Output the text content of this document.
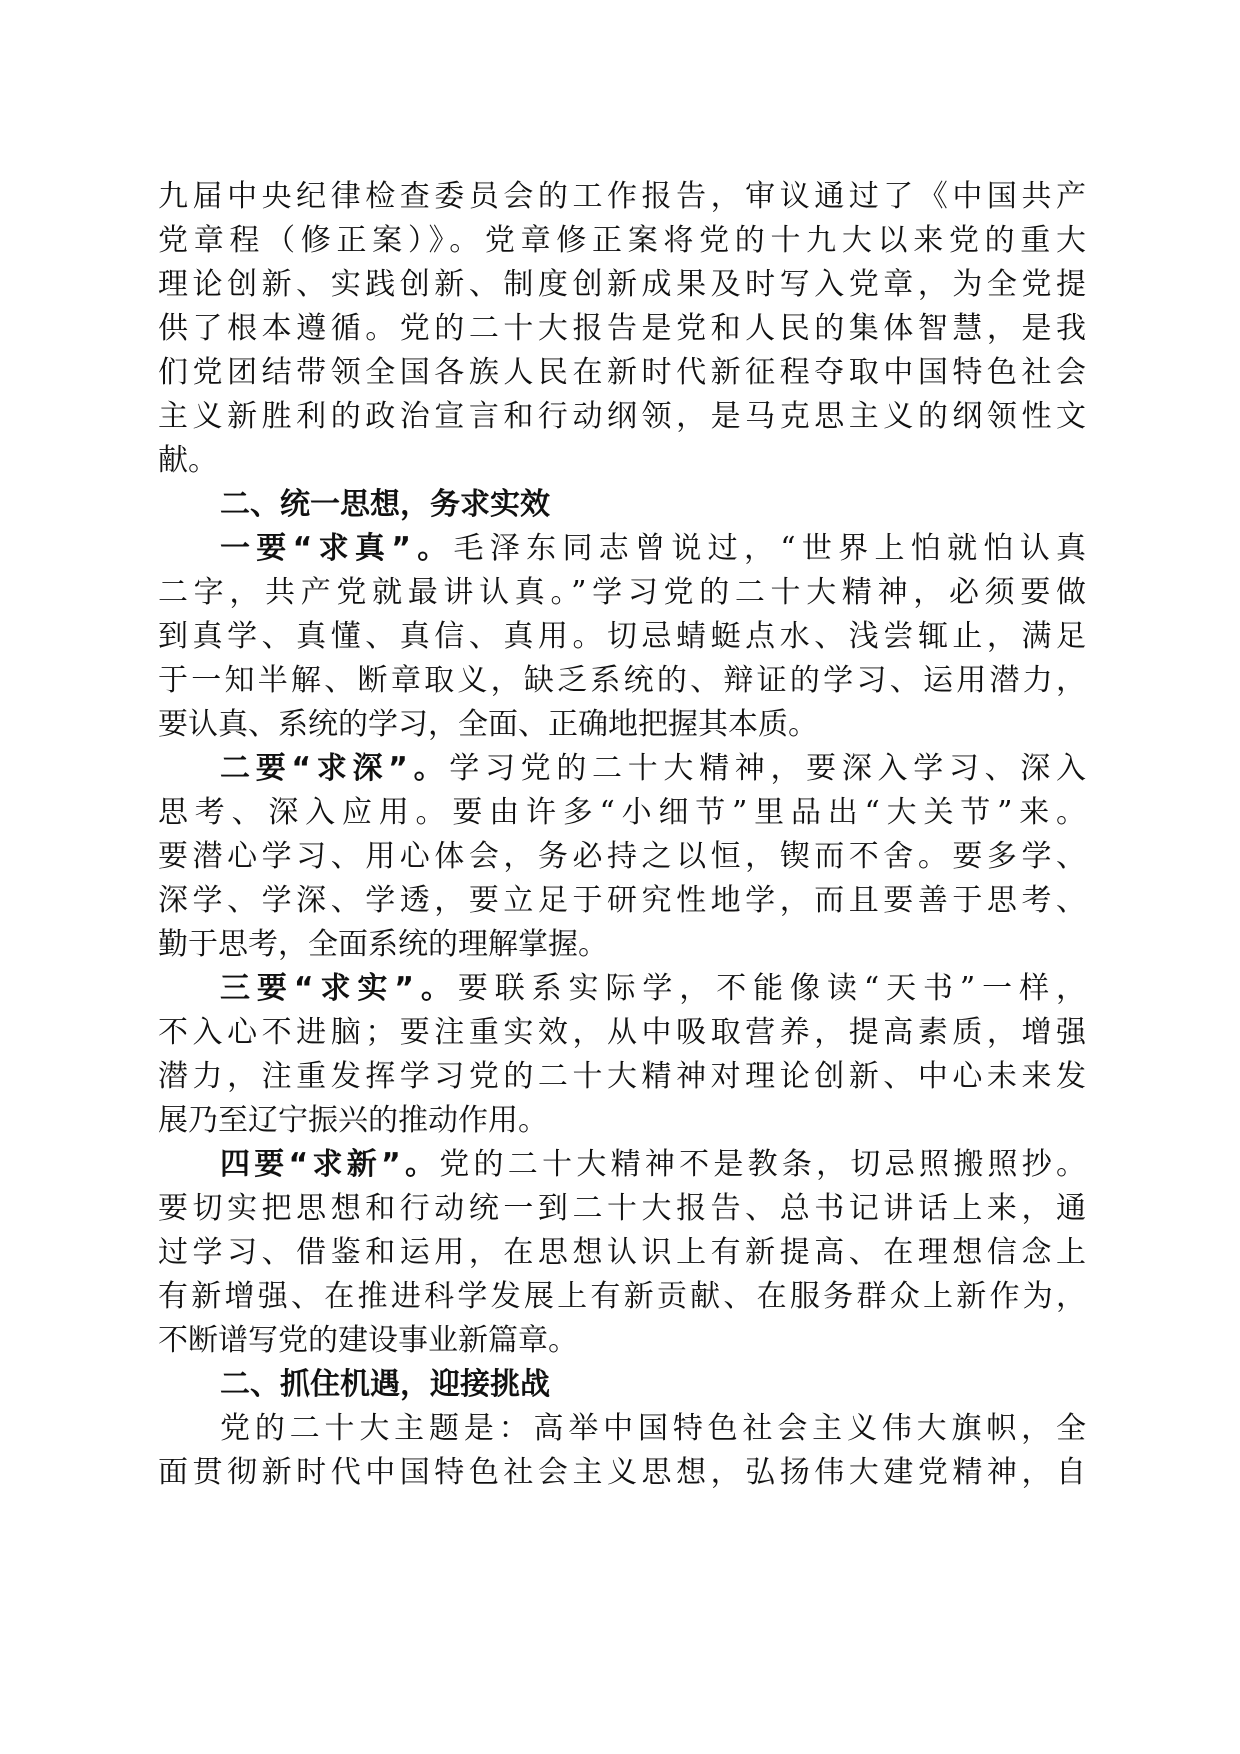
九届中央纪律检查委员会的工作报告，审议通过了《中国共产
党章程（修正案）》。党章修正案将党的十九大以来党的重大
理论创新、实践创新、制度创新成果及时写入党章，为全党提
供了根本遵循。党的二十大报告是党和人民的集体智慧，是我
们党团结带领全国各族人民在新时代新征程夺取中国特色社会
主义新胜利的政治宣言和行动纲领，是马克思主义的纲领性文
献。
二、统一思想，务求实效
一要“求真”。毛泽东同志曾说过，“世界上怕就怕认真
二字，共产党就最讲认真。”学习党的二十大精神，必须要做
到真学、真懂、真信、真用。切忌蜻蜓点水、浅尝辄止，满足
于一知半解、断章取义，缺乏系统的、辩证的学习、运用潜力，
要认真、系统的学习，全面、正确地把握其本质。
二要“求深”。学习党的二十大精神，要深入学习、深入
思考、深入应用。要由许多“小细节”里品出“大关节”来。
要潜心学习、用心体会，务必持之以恒，锲而不舍。要多学、
深学、学深、学透，要立足于研究性地学，而且要善于思考、
勤于思考，全面系统的理解掌握。
三要“求实”。要联系实际学，不能像读“天书”一样，
不入心不进脑；要注重实效，从中吸取营养，提高素质，增强
潜力，注重发挥学习党的二十大精神对理论创新、中心未来发
展乃至辽宁振兴的推动作用。
四要“求新”。党的二十大精神不是教条，切忌照搬照抄。
要切实把思想和行动统一到二十大报告、总书记讲话上来，通
过学习、借鉴和运用，在思想认识上有新提高、在理想信念上
有新增强、在推进科学发展上有新贡献、在服务群众上新作为，
不断谱写党的建设事业新篇章。
二、抓住机遇，迎接挑战
党的二十大主题是：高举中国特色社会主义伟大旗帜，全
面贯彻新时代中国特色社会主义思想，弘扬伟大建党精神，自
